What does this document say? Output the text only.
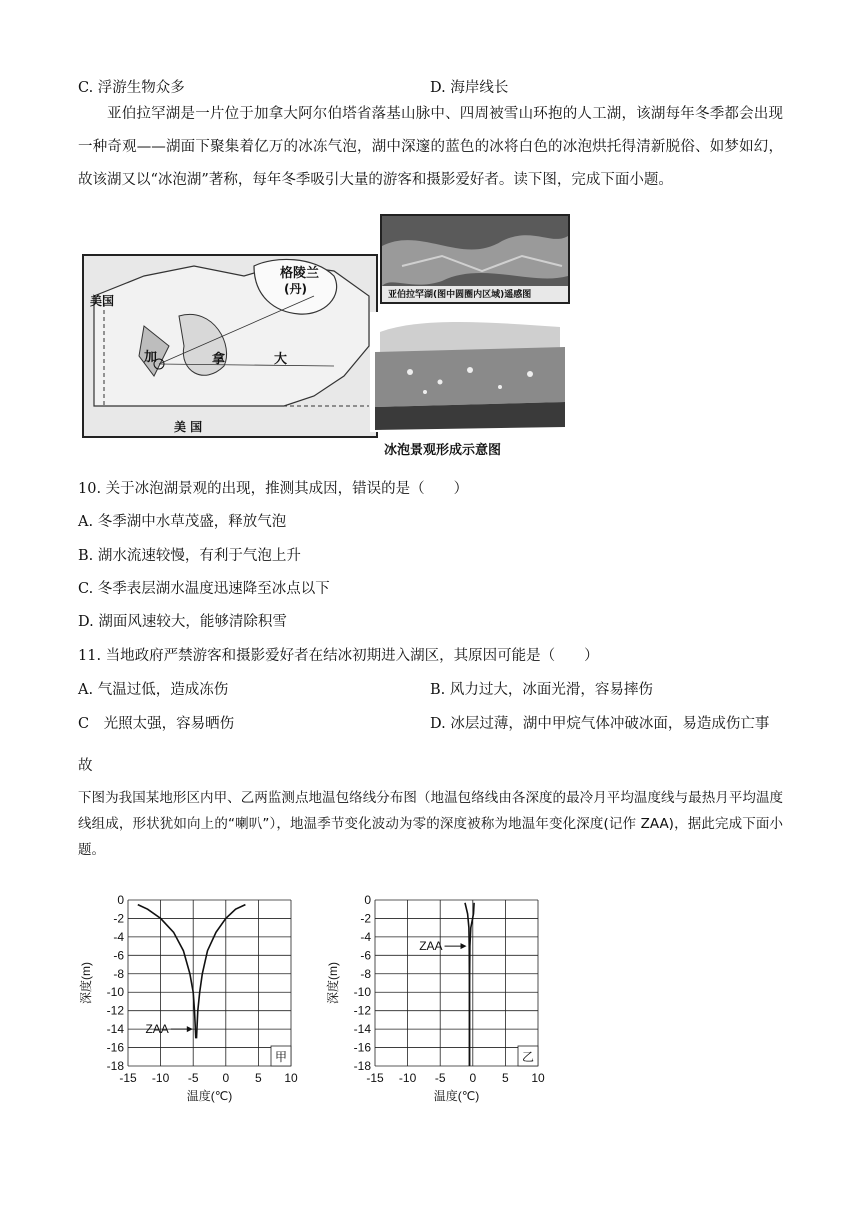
C. 浮游生物众多	D. 海岸线长
亚伯拉罕湖是一片位于加拿大阿尔伯塔省落基山脉中、四周被雪山环抱的人工湖，该湖每年冬季都会出现一种奇观——湖面下聚集着亿万的冰冻气泡，湖中深邃的蓝色的冰将白色的冰泡烘托得清新脱俗、如梦如幻，故该湖又以“冰泡湖”著称，每年冬季吸引大量的游客和摄影爱好者。读下图，完成下面小题。
格陵兰
(丹)
美国
加	拿	大
美 国
亚伯拉罕湖(图中圆圈内区域)遥感图
冰泡景观形成示意图
10. 关于冰泡湖景观的出现，推测其成因，错误的是（　　）
A. 冬季湖中水草茂盛，释放气泡
B. 湖水流速较慢，有利于气泡上升
C. 冬季表层湖水温度迅速降至冰点以下
D. 湖面风速较大，能够清除积雪
11. 当地政府严禁游客和摄影爱好者在结冰初期进入湖区，其原因可能是（　　）
A. 气温过低，造成冻伤	B. 风力过大，冰面光滑，容易摔伤
C　光照太强，容易晒伤	D. 冰层过薄，湖中甲烷气体冲破冰面，易造成伤亡事
故
下图为我国某地形区内甲、乙两监测点地温包络线分布图（地温包络线由各深度的最冷月平均温度线与最热月平均温度线组成，形状犹如向上的“喇叭”），地温季节变化波动为零的深度被称为地温年变化深度(记作 ZAA)，据此完成下面小题。
0
-2
-4
-6
-8
-10
-12
-14
-16
-18
-15 -10 -5 0 5 10
温度(℃)
深度(m)
ZAA
甲
0
-2
-4
-6
-8
-10
-12
-14
-16
-18
-15 -10 -5 0 5 10
温度(℃)
深度(m)
ZAA
乙
